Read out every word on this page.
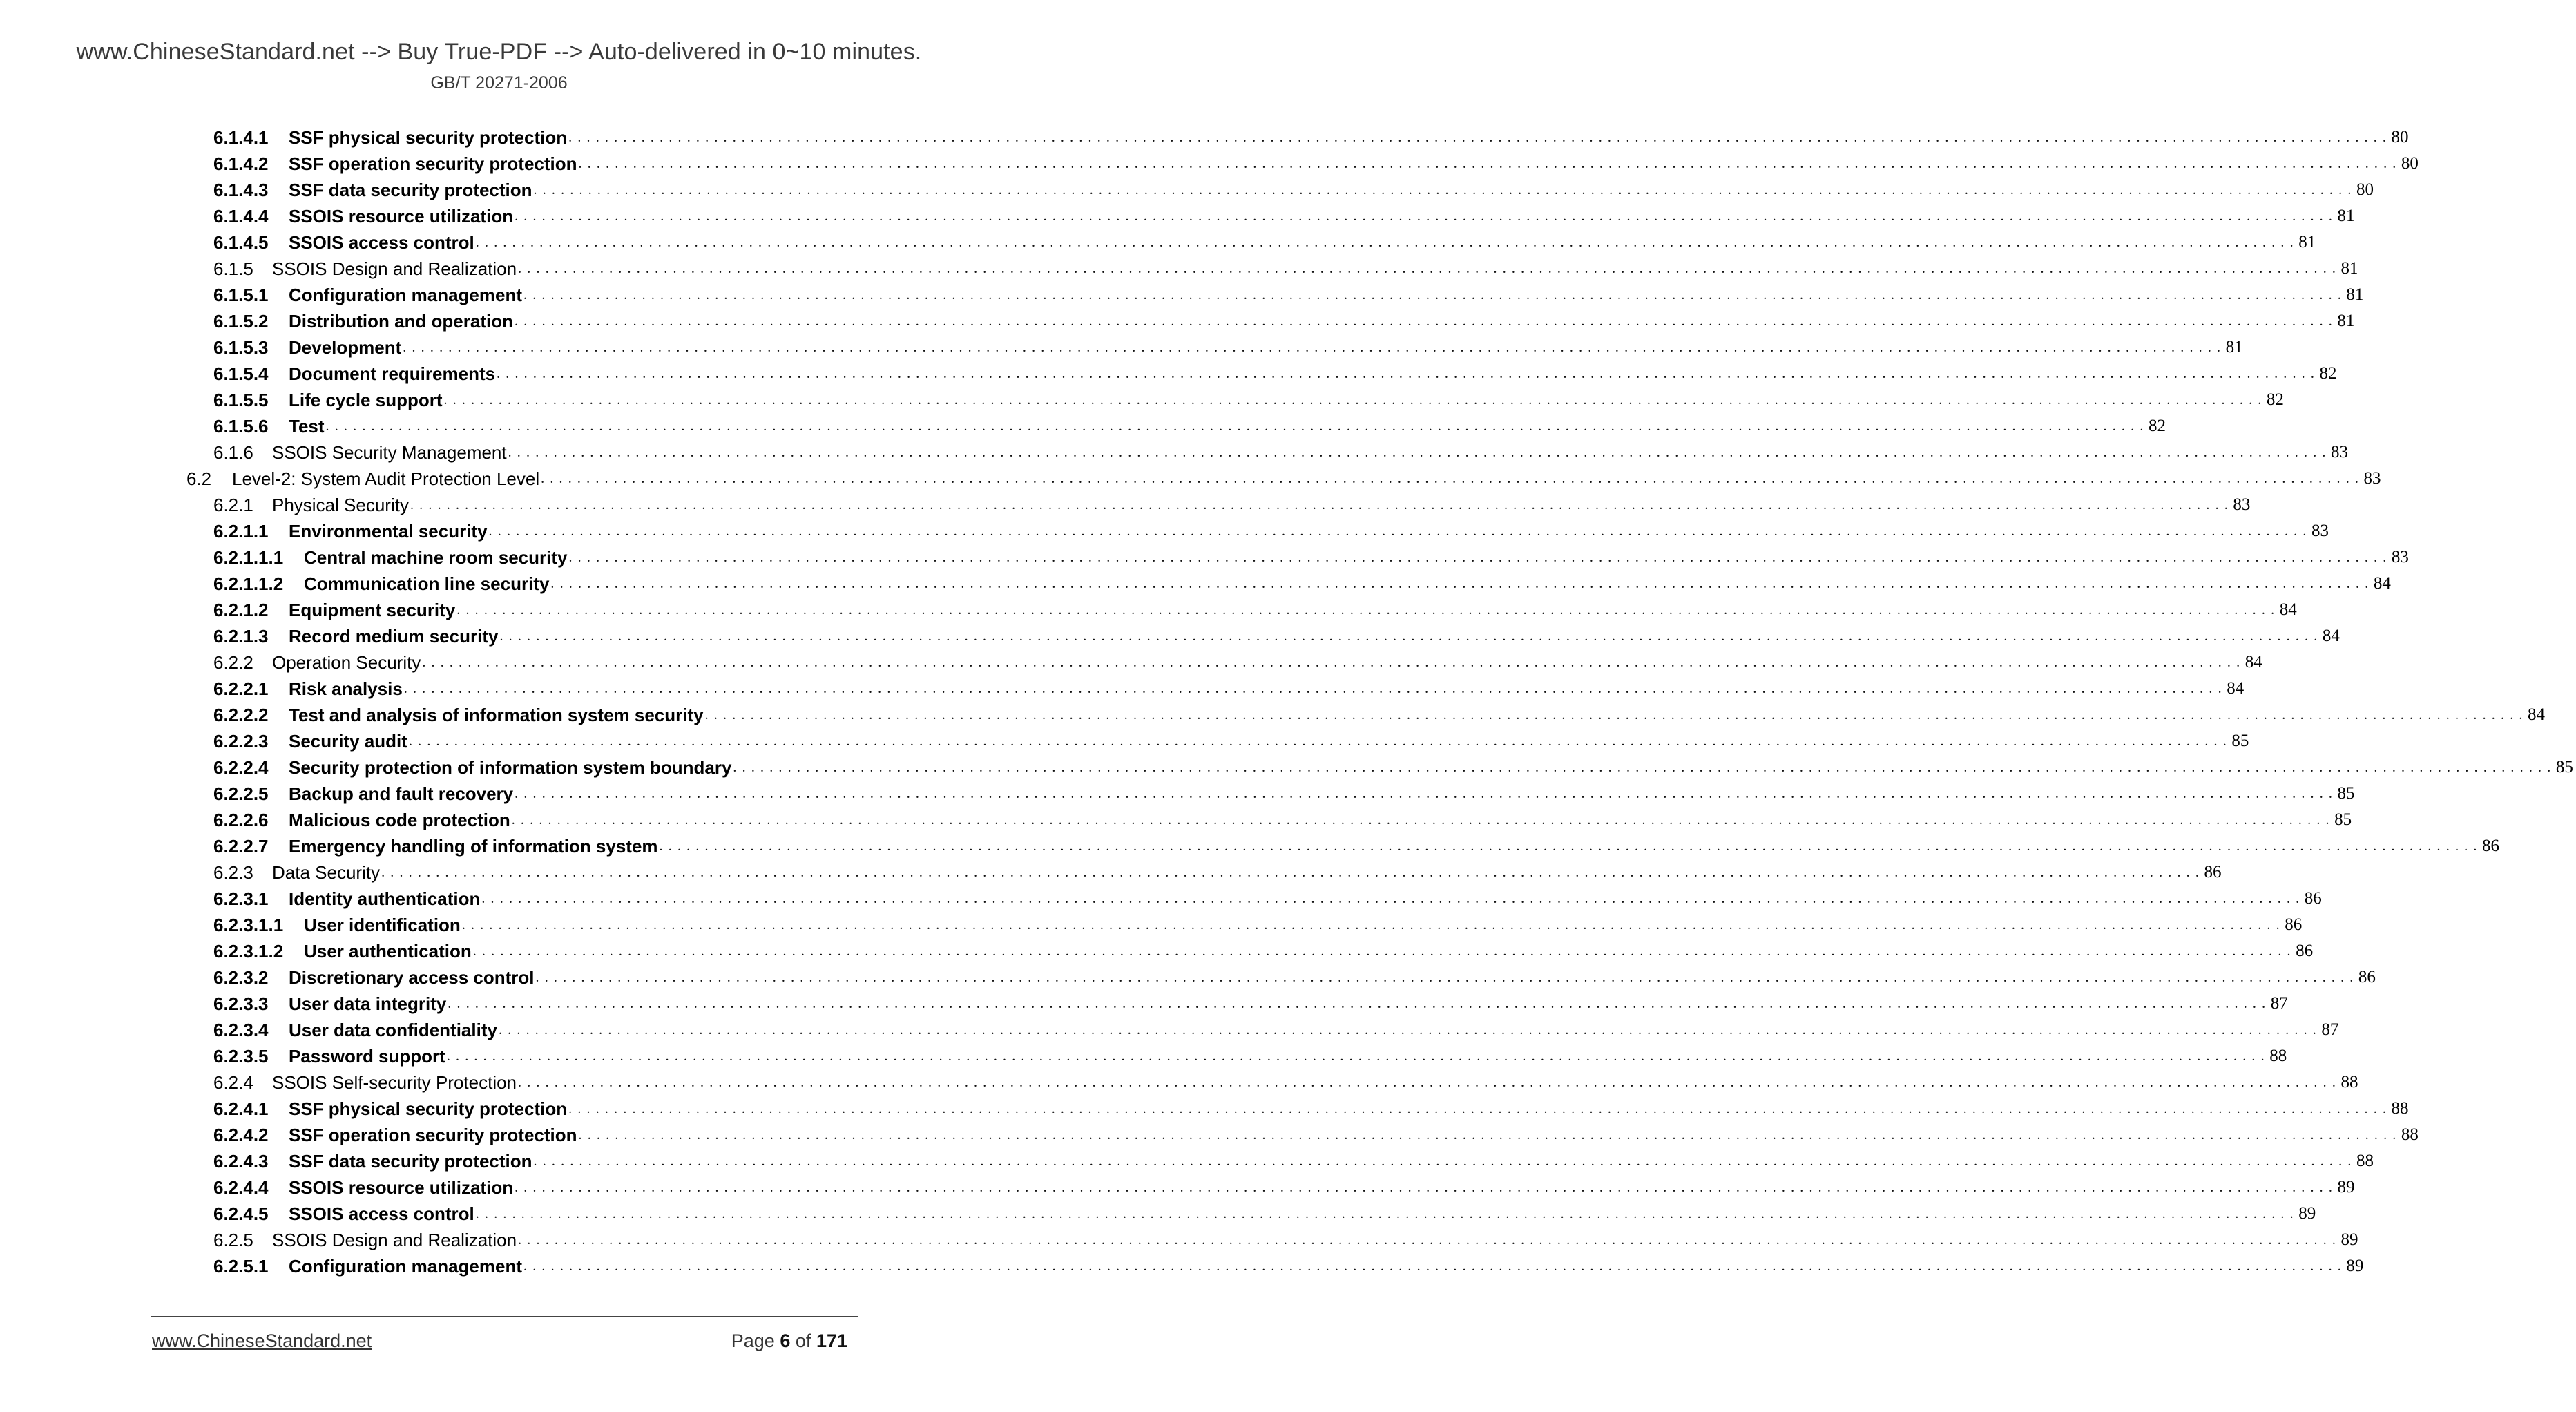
www.ChineseStandard.net --> Buy True-PDF --> Auto-delivered in 0~10 minutes.
GB/T 20271-2006
6.1.4.1	SSF physical security protection . . . . . . . . . . . . . . . . . . . . . . . . . . . . . . . . . . . . . . . . . . . . . . . . . . . . . . . . . . . . . . . . . . . . . . . . . . . . . . . . . . . . . . . . . . . . . . . . . . . . . . . . . . . . . . . . . . . . . . . . . . . . . . . . . . . . . . . . . . . . . . . . . . . . . . . . . . . . . . . . . . . . . . . . . . . . . . . . . . . . . . . . . . . . . . . . . . . . . . . . 80
6.1.4.2	SSF operation security protection . . . . . . . . . . . . . . . . . . . . . . . . . . . . . . . . . . . . . . . . . . . . . . . . . . . . . . . . . . . . . . . . . . . . . . . . . . . . . . . . . . . . . . . . . . . . . . . . . . . . . . . . . . . . . . . . . . . . . . . . . . . . . . . . . . . . . . . . . . . . . . . . . . . . . . . . . . . . . . . . . . . . . . . . . . . . . . . . . . . . . . . . . . . . . . . . . . . . . . . . 80
6.1.4.3	SSF data security protection . . . . . . . . . . . . . . . . . . . . . . . . . . . . . . . . . . . . . . . . . . . . . . . . . . . . . . . . . . . . . . . . . . . . . . . . . . . . . . . . . . . . . . . . . . . . . . . . . . . . . . . . . . . . . . . . . . . . . . . . . . . . . . . . . . . . . . . . . . . . . . . . . . . . . . . . . . . . . . . . . . . . . . . . . . . . . . . . . . . . . . . . . . . . . . . . . . . . . . . . 80
6.1.4.4	SSOIS resource utilization . . . . . . . . . . . . . . . . . . . . . . . . . . . . . . . . . . . . . . . . . . . . . . . . . . . . . . . . . . . . . . . . . . . . . . . . . . . . . . . . . . . . . . . . . . . . . . . . . . . . . . . . . . . . . . . . . . . . . . . . . . . . . . . . . . . . . . . . . . . . . . . . . . . . . . . . . . . . . . . . . . . . . . . . . . . . . . . . . . . . . . . . . . . . . . . . . . . . . . . . 81
6.1.4.5	SSOIS access control . . . . . . . . . . . . . . . . . . . . . . . . . . . . . . . . . . . . . . . . . . . . . . . . . . . . . . . . . . . . . . . . . . . . . . . . . . . . . . . . . . . . . . . . . . . . . . . . . . . . . . . . . . . . . . . . . . . . . . . . . . . . . . . . . . . . . . . . . . . . . . . . . . . . . . . . . . . . . . . . . . . . . . . . . . . . . . . . . . . . . . . . . . . . . . . . . . . . . . . . 81
6.1.5	SSOIS Design and Realization . . . . . . . . . . . . . . . . . . . . . . . . . . . . . . . . . . . . . . . . . . . . . . . . . . . . . . . . . . . . . . . . . . . . . . . . . . . . . . . . . . . . . . . . . . . . . . . . . . . . . . . . . . . . . . . . . . . . . . . . . . . . . . . . . . . . . . . . . . . . . . . . . . . . . . . . . . . . . . . . . . . . . . . . . . . . . . . . . . . . . . . . . . . . . . . . . . . . . . . . 81
6.1.5.1	Configuration management . . . . . . . . . . . . . . . . . . . . . . . . . . . . . . . . . . . . . . . . . . . . . . . . . . . . . . . . . . . . . . . . . . . . . . . . . . . . . . . . . . . . . . . . . . . . . . . . . . . . . . . . . . . . . . . . . . . . . . . . . . . . . . . . . . . . . . . . . . . . . . . . . . . . . . . . . . . . . . . . . . . . . . . . . . . . . . . . . . . . . . . . . . . . . . . . . . . . . . . . 81
6.1.5.2	Distribution and operation . . . . . . . . . . . . . . . . . . . . . . . . . . . . . . . . . . . . . . . . . . . . . . . . . . . . . . . . . . . . . . . . . . . . . . . . . . . . . . . . . . . . . . . . . . . . . . . . . . . . . . . . . . . . . . . . . . . . . . . . . . . . . . . . . . . . . . . . . . . . . . . . . . . . . . . . . . . . . . . . . . . . . . . . . . . . . . . . . . . . . . . . . . . . . . . . . . . . . . . . 81
6.1.5.3	Development . . . . . . . . . . . . . . . . . . . . . . . . . . . . . . . . . . . . . . . . . . . . . . . . . . . . . . . . . . . . . . . . . . . . . . . . . . . . . . . . . . . . . . . . . . . . . . . . . . . . . . . . . . . . . . . . . . . . . . . . . . . . . . . . . . . . . . . . . . . . . . . . . . . . . . . . . . . . . . . . . . . . . . . . . . . . . . . . . . . . . . . . . . . . . . . . . . . . . . . . 81
6.1.5.4	Document requirements . . . . . . . . . . . . . . . . . . . . . . . . . . . . . . . . . . . . . . . . . . . . . . . . . . . . . . . . . . . . . . . . . . . . . . . . . . . . . . . . . . . . . . . . . . . . . . . . . . . . . . . . . . . . . . . . . . . . . . . . . . . . . . . . . . . . . . . . . . . . . . . . . . . . . . . . . . . . . . . . . . . . . . . . . . . . . . . . . . . . . . . . . . . . . . . . . . . . . . . . 82
6.1.5.5	Life cycle support . . . . . . . . . . . . . . . . . . . . . . . . . . . . . . . . . . . . . . . . . . . . . . . . . . . . . . . . . . . . . . . . . . . . . . . . . . . . . . . . . . . . . . . . . . . . . . . . . . . . . . . . . . . . . . . . . . . . . . . . . . . . . . . . . . . . . . . . . . . . . . . . . . . . . . . . . . . . . . . . . . . . . . . . . . . . . . . . . . . . . . . . . . . . . . . . . . . . . . . . 82
6.1.5.6	Test . . . . . . . . . . . . . . . . . . . . . . . . . . . . . . . . . . . . . . . . . . . . . . . . . . . . . . . . . . . . . . . . . . . . . . . . . . . . . . . . . . . . . . . . . . . . . . . . . . . . . . . . . . . . . . . . . . . . . . . . . . . . . . . . . . . . . . . . . . . . . . . . . . . . . . . . . . . . . . . . . . . . . . . . . . . . . . . . . . . . . . . . . . . . . . . . . . . . . . . . 82
6.1.6	SSOIS Security Management . . . . . . . . . . . . . . . . . . . . . . . . . . . . . . . . . . . . . . . . . . . . . . . . . . . . . . . . . . . . . . . . . . . . . . . . . . . . . . . . . . . . . . . . . . . . . . . . . . . . . . . . . . . . . . . . . . . . . . . . . . . . . . . . . . . . . . . . . . . . . . . . . . . . . . . . . . . . . . . . . . . . . . . . . . . . . . . . . . . . . . . . . . . . . . . . . . . . . . . . 83
6.2	Level-2: System Audit Protection Level . . . . . . . . . . . . . . . . . . . . . . . . . . . . . . . . . . . . . . . . . . . . . . . . . . . . . . . . . . . . . . . . . . . . . . . . . . . . . . . . . . . . . . . . . . . . . . . . . . . . . . . . . . . . . . . . . . . . . . . . . . . . . . . . . . . . . . . . . . . . . . . . . . . . . . . . . . . . . . . . . . . . . . . . . . . . . . . . . . . . . . . . . . . . . . . . . . . . . . . . 83
6.2.1	Physical Security . . . . . . . . . . . . . . . . . . . . . . . . . . . . . . . . . . . . . . . . . . . . . . . . . . . . . . . . . . . . . . . . . . . . . . . . . . . . . . . . . . . . . . . . . . . . . . . . . . . . . . . . . . . . . . . . . . . . . . . . . . . . . . . . . . . . . . . . . . . . . . . . . . . . . . . . . . . . . . . . . . . . . . . . . . . . . . . . . . . . . . . . . . . . . . . . . . . . . . . . 83
6.2.1.1	Environmental security . . . . . . . . . . . . . . . . . . . . . . . . . . . . . . . . . . . . . . . . . . . . . . . . . . . . . . . . . . . . . . . . . . . . . . . . . . . . . . . . . . . . . . . . . . . . . . . . . . . . . . . . . . . . . . . . . . . . . . . . . . . . . . . . . . . . . . . . . . . . . . . . . . . . . . . . . . . . . . . . . . . . . . . . . . . . . . . . . . . . . . . . . . . . . . . . . . . . . . . . 83
6.2.1.1.1	Central machine room security . . . . . . . . . . . . . . . . . . . . . . . . . . . . . . . . . . . . . . . . . . . . . . . . . . . . . . . . . . . . . . . . . . . . . . . . . . . . . . . . . . . . . . . . . . . . . . . . . . . . . . . . . . . . . . . . . . . . . . . . . . . . . . . . . . . . . . . . . . . . . . . . . . . . . . . . . . . . . . . . . . . . . . . . . . . . . . . . . . . . . . . . . . . . . . . . . . . . . . . . 83
6.2.1.1.2	Communication line security . . . . . . . . . . . . . . . . . . . . . . . . . . . . . . . . . . . . . . . . . . . . . . . . . . . . . . . . . . . . . . . . . . . . . . . . . . . . . . . . . . . . . . . . . . . . . . . . . . . . . . . . . . . . . . . . . . . . . . . . . . . . . . . . . . . . . . . . . . . . . . . . . . . . . . . . . . . . . . . . . . . . . . . . . . . . . . . . . . . . . . . . . . . . . . . . . . . . . . . . 84
6.2.1.2	Equipment security . . . . . . . . . . . . . . . . . . . . . . . . . . . . . . . . . . . . . . . . . . . . . . . . . . . . . . . . . . . . . . . . . . . . . . . . . . . . . . . . . . . . . . . . . . . . . . . . . . . . . . . . . . . . . . . . . . . . . . . . . . . . . . . . . . . . . . . . . . . . . . . . . . . . . . . . . . . . . . . . . . . . . . . . . . . . . . . . . . . . . . . . . . . . . . . . . . . . . . . . 84
6.2.1.3	Record medium security . . . . . . . . . . . . . . . . . . . . . . . . . . . . . . . . . . . . . . . . . . . . . . . . . . . . . . . . . . . . . . . . . . . . . . . . . . . . . . . . . . . . . . . . . . . . . . . . . . . . . . . . . . . . . . . . . . . . . . . . . . . . . . . . . . . . . . . . . . . . . . . . . . . . . . . . . . . . . . . . . . . . . . . . . . . . . . . . . . . . . . . . . . . . . . . . . . . . . . . . 84
6.2.2	Operation Security . . . . . . . . . . . . . . . . . . . . . . . . . . . . . . . . . . . . . . . . . . . . . . . . . . . . . . . . . . . . . . . . . . . . . . . . . . . . . . . . . . . . . . . . . . . . . . . . . . . . . . . . . . . . . . . . . . . . . . . . . . . . . . . . . . . . . . . . . . . . . . . . . . . . . . . . . . . . . . . . . . . . . . . . . . . . . . . . . . . . . . . . . . . . . . . . . . . . . . . . 84
6.2.2.1	Risk analysis . . . . . . . . . . . . . . . . . . . . . . . . . . . . . . . . . . . . . . . . . . . . . . . . . . . . . . . . . . . . . . . . . . . . . . . . . . . . . . . . . . . . . . . . . . . . . . . . . . . . . . . . . . . . . . . . . . . . . . . . . . . . . . . . . . . . . . . . . . . . . . . . . . . . . . . . . . . . . . . . . . . . . . . . . . . . . . . . . . . . . . . . . . . . . . . . . . . . . . . . 84
6.2.2.2	Test and analysis of information system security . . . . . . . . . . . . . . . . . . . . . . . . . . . . . . . . . . . . . . . . . . . . . . . . . . . . . . . . . . . . . . . . . . . . . . . . . . . . . . . . . . . . . . . . . . . . . . . . . . . . . . . . . . . . . . . . . . . . . . . . . . . . . . . . . . . . . . . . . . . . . . . . . . . . . . . . . . . . . . . . . . . . . . . . . . . . . . . . . . . . . . . . . . . . . . . . . . . . . . . . 84
6.2.2.3	Security audit . . . . . . . . . . . . . . . . . . . . . . . . . . . . . . . . . . . . . . . . . . . . . . . . . . . . . . . . . . . . . . . . . . . . . . . . . . . . . . . . . . . . . . . . . . . . . . . . . . . . . . . . . . . . . . . . . . . . . . . . . . . . . . . . . . . . . . . . . . . . . . . . . . . . . . . . . . . . . . . . . . . . . . . . . . . . . . . . . . . . . . . . . . . . . . . . . . . . . . . . 85
6.2.2.4	Security protection of information system boundary . . . . . . . . . . . . . . . . . . . . . . . . . . . . . . . . . . . . . . . . . . . . . . . . . . . . . . . . . . . . . . . . . . . . . . . . . . . . . . . . . . . . . . . . . . . . . . . . . . . . . . . . . . . . . . . . . . . . . . . . . . . . . . . . . . . . . . . . . . . . . . . . . . . . . . . . . . . . . . . . . . . . . . . . . . . . . . . . . . . . . . . . . . . . . . . . . . . . . . . . 85
6.2.2.5	Backup and fault recovery . . . . . . . . . . . . . . . . . . . . . . . . . . . . . . . . . . . . . . . . . . . . . . . . . . . . . . . . . . . . . . . . . . . . . . . . . . . . . . . . . . . . . . . . . . . . . . . . . . . . . . . . . . . . . . . . . . . . . . . . . . . . . . . . . . . . . . . . . . . . . . . . . . . . . . . . . . . . . . . . . . . . . . . . . . . . . . . . . . . . . . . . . . . . . . . . . . . . . . . . 85
6.2.2.6	Malicious code protection . . . . . . . . . . . . . . . . . . . . . . . . . . . . . . . . . . . . . . . . . . . . . . . . . . . . . . . . . . . . . . . . . . . . . . . . . . . . . . . . . . . . . . . . . . . . . . . . . . . . . . . . . . . . . . . . . . . . . . . . . . . . . . . . . . . . . . . . . . . . . . . . . . . . . . . . . . . . . . . . . . . . . . . . . . . . . . . . . . . . . . . . . . . . . . . . . . . . . . . . 85
6.2.2.7	Emergency handling of information system . . . . . . . . . . . . . . . . . . . . . . . . . . . . . . . . . . . . . . . . . . . . . . . . . . . . . . . . . . . . . . . . . . . . . . . . . . . . . . . . . . . . . . . . . . . . . . . . . . . . . . . . . . . . . . . . . . . . . . . . . . . . . . . . . . . . . . . . . . . . . . . . . . . . . . . . . . . . . . . . . . . . . . . . . . . . . . . . . . . . . . . . . . . . . . . . . . . . . . . . 86
6.2.3	Data Security . . . . . . . . . . . . . . . . . . . . . . . . . . . . . . . . . . . . . . . . . . . . . . . . . . . . . . . . . . . . . . . . . . . . . . . . . . . . . . . . . . . . . . . . . . . . . . . . . . . . . . . . . . . . . . . . . . . . . . . . . . . . . . . . . . . . . . . . . . . . . . . . . . . . . . . . . . . . . . . . . . . . . . . . . . . . . . . . . . . . . . . . . . . . . . . . . . . . . . . . 86
6.2.3.1	Identity authentication . . . . . . . . . . . . . . . . . . . . . . . . . . . . . . . . . . . . . . . . . . . . . . . . . . . . . . . . . . . . . . . . . . . . . . . . . . . . . . . . . . . . . . . . . . . . . . . . . . . . . . . . . . . . . . . . . . . . . . . . . . . . . . . . . . . . . . . . . . . . . . . . . . . . . . . . . . . . . . . . . . . . . . . . . . . . . . . . . . . . . . . . . . . . . . . . . . . . . . . . 86
6.2.3.1.1	User identification . . . . . . . . . . . . . . . . . . . . . . . . . . . . . . . . . . . . . . . . . . . . . . . . . . . . . . . . . . . . . . . . . . . . . . . . . . . . . . . . . . . . . . . . . . . . . . . . . . . . . . . . . . . . . . . . . . . . . . . . . . . . . . . . . . . . . . . . . . . . . . . . . . . . . . . . . . . . . . . . . . . . . . . . . . . . . . . . . . . . . . . . . . . . . . . . . . . . . . . . 86
6.2.3.1.2	User authentication . . . . . . . . . . . . . . . . . . . . . . . . . . . . . . . . . . . . . . . . . . . . . . . . . . . . . . . . . . . . . . . . . . . . . . . . . . . . . . . . . . . . . . . . . . . . . . . . . . . . . . . . . . . . . . . . . . . . . . . . . . . . . . . . . . . . . . . . . . . . . . . . . . . . . . . . . . . . . . . . . . . . . . . . . . . . . . . . . . . . . . . . . . . . . . . . . . . . . . . . 86
6.2.3.2	Discretionary access control . . . . . . . . . . . . . . . . . . . . . . . . . . . . . . . . . . . . . . . . . . . . . . . . . . . . . . . . . . . . . . . . . . . . . . . . . . . . . . . . . . . . . . . . . . . . . . . . . . . . . . . . . . . . . . . . . . . . . . . . . . . . . . . . . . . . . . . . . . . . . . . . . . . . . . . . . . . . . . . . . . . . . . . . . . . . . . . . . . . . . . . . . . . . . . . . . . . . . . . . 86
6.2.3.3	User data integrity . . . . . . . . . . . . . . . . . . . . . . . . . . . . . . . . . . . . . . . . . . . . . . . . . . . . . . . . . . . . . . . . . . . . . . . . . . . . . . . . . . . . . . . . . . . . . . . . . . . . . . . . . . . . . . . . . . . . . . . . . . . . . . . . . . . . . . . . . . . . . . . . . . . . . . . . . . . . . . . . . . . . . . . . . . . . . . . . . . . . . . . . . . . . . . . . . . . . . . . . 87
6.2.3.4	User data confidentiality . . . . . . . . . . . . . . . . . . . . . . . . . . . . . . . . . . . . . . . . . . . . . . . . . . . . . . . . . . . . . . . . . . . . . . . . . . . . . . . . . . . . . . . . . . . . . . . . . . . . . . . . . . . . . . . . . . . . . . . . . . . . . . . . . . . . . . . . . . . . . . . . . . . . . . . . . . . . . . . . . . . . . . . . . . . . . . . . . . . . . . . . . . . . . . . . . . . . . . . . 87
6.2.3.5	Password support . . . . . . . . . . . . . . . . . . . . . . . . . . . . . . . . . . . . . . . . . . . . . . . . . . . . . . . . . . . . . . . . . . . . . . . . . . . . . . . . . . . . . . . . . . . . . . . . . . . . . . . . . . . . . . . . . . . . . . . . . . . . . . . . . . . . . . . . . . . . . . . . . . . . . . . . . . . . . . . . . . . . . . . . . . . . . . . . . . . . . . . . . . . . . . . . . . . . . . . . 88
6.2.4	SSOIS Self-security Protection . . . . . . . . . . . . . . . . . . . . . . . . . . . . . . . . . . . . . . . . . . . . . . . . . . . . . . . . . . . . . . . . . . . . . . . . . . . . . . . . . . . . . . . . . . . . . . . . . . . . . . . . . . . . . . . . . . . . . . . . . . . . . . . . . . . . . . . . . . . . . . . . . . . . . . . . . . . . . . . . . . . . . . . . . . . . . . . . . . . . . . . . . . . . . . . . . . . . . . . . 88
6.2.4.1	SSF physical security protection . . . . . . . . . . . . . . . . . . . . . . . . . . . . . . . . . . . . . . . . . . . . . . . . . . . . . . . . . . . . . . . . . . . . . . . . . . . . . . . . . . . . . . . . . . . . . . . . . . . . . . . . . . . . . . . . . . . . . . . . . . . . . . . . . . . . . . . . . . . . . . . . . . . . . . . . . . . . . . . . . . . . . . . . . . . . . . . . . . . . . . . . . . . . . . . . . . . . . . . . 88
6.2.4.2	SSF operation security protection . . . . . . . . . . . . . . . . . . . . . . . . . . . . . . . . . . . . . . . . . . . . . . . . . . . . . . . . . . . . . . . . . . . . . . . . . . . . . . . . . . . . . . . . . . . . . . . . . . . . . . . . . . . . . . . . . . . . . . . . . . . . . . . . . . . . . . . . . . . . . . . . . . . . . . . . . . . . . . . . . . . . . . . . . . . . . . . . . . . . . . . . . . . . . . . . . . . . . . . . 88
6.2.4.3	SSF data security protection . . . . . . . . . . . . . . . . . . . . . . . . . . . . . . . . . . . . . . . . . . . . . . . . . . . . . . . . . . . . . . . . . . . . . . . . . . . . . . . . . . . . . . . . . . . . . . . . . . . . . . . . . . . . . . . . . . . . . . . . . . . . . . . . . . . . . . . . . . . . . . . . . . . . . . . . . . . . . . . . . . . . . . . . . . . . . . . . . . . . . . . . . . . . . . . . . . . . . . . . 88
6.2.4.4	SSOIS resource utilization . . . . . . . . . . . . . . . . . . . . . . . . . . . . . . . . . . . . . . . . . . . . . . . . . . . . . . . . . . . . . . . . . . . . . . . . . . . . . . . . . . . . . . . . . . . . . . . . . . . . . . . . . . . . . . . . . . . . . . . . . . . . . . . . . . . . . . . . . . . . . . . . . . . . . . . . . . . . . . . . . . . . . . . . . . . . . . . . . . . . . . . . . . . . . . . . . . . . . . . . 89
6.2.4.5	SSOIS access control . . . . . . . . . . . . . . . . . . . . . . . . . . . . . . . . . . . . . . . . . . . . . . . . . . . . . . . . . . . . . . . . . . . . . . . . . . . . . . . . . . . . . . . . . . . . . . . . . . . . . . . . . . . . . . . . . . . . . . . . . . . . . . . . . . . . . . . . . . . . . . . . . . . . . . . . . . . . . . . . . . . . . . . . . . . . . . . . . . . . . . . . . . . . . . . . . . . . . . . . 89
6.2.5	SSOIS Design and Realization . . . . . . . . . . . . . . . . . . . . . . . . . . . . . . . . . . . . . . . . . . . . . . . . . . . . . . . . . . . . . . . . . . . . . . . . . . . . . . . . . . . . . . . . . . . . . . . . . . . . . . . . . . . . . . . . . . . . . . . . . . . . . . . . . . . . . . . . . . . . . . . . . . . . . . . . . . . . . . . . . . . . . . . . . . . . . . . . . . . . . . . . . . . . . . . . . . . . . . . . 89
6.2.5.1	Configuration management . . . . . . . . . . . . . . . . . . . . . . . . . . . . . . . . . . . . . . . . . . . . . . . . . . . . . . . . . . . . . . . . . . . . . . . . . . . . . . . . . . . . . . . . . . . . . . . . . . . . . . . . . . . . . . . . . . . . . . . . . . . . . . . . . . . . . . . . . . . . . . . . . . . . . . . . . . . . . . . . . . . . . . . . . . . . . . . . . . . . . . . . . . . . . . . . . . . . . . . . 89
www.ChineseStandard.net	Page 6 of 171
